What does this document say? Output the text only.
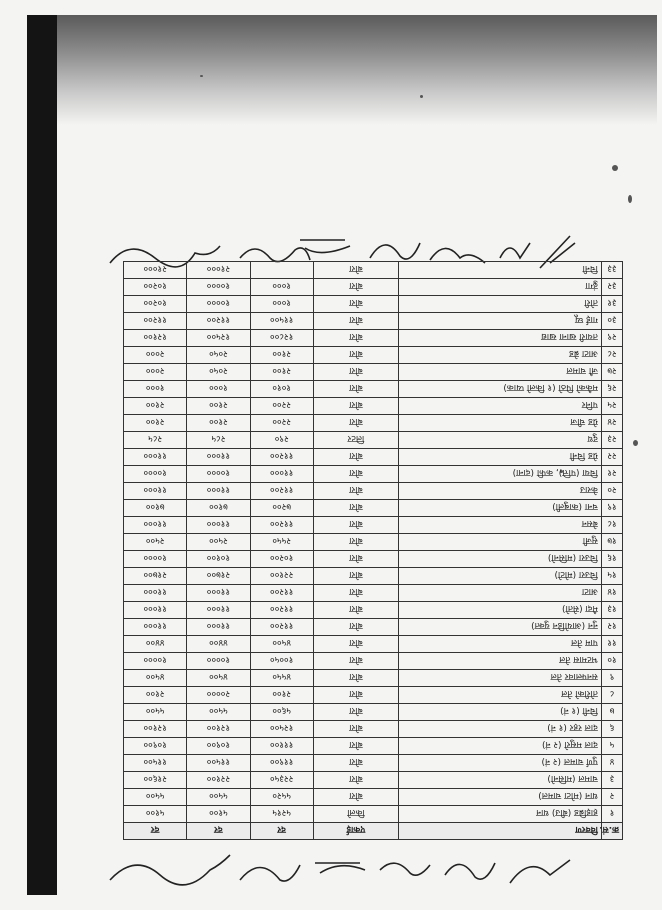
क्र.सं.	विवरण	एकाई	दर	दर	दर
१	हाइब्रिड (बीउ) धान	किलो	५२१५	५१००	५१००
२	धान (मोटा चामल)	बोरा	५५२०	५५००	५५००
३	चामल (मसिनो)	बोरा	२२३५०	२२१००	२१६००
४	पुर्ण चामल (२ नं)	बोरा	११९००	११५००	११५००
५	दाल मसुरो (२ नं)	बोरा	१११००	१०९००	१०९००
६	दाल रहर (१ नं)	बोरा	१२५००	१२१००	१२१००
७	चिनी (१ नं)	बोरा	५६००	५५००	५५००
८	तोरीको तेल	बोरा	२१००	२००००	२१००
९	सनफ्लावर तेल	बोरा	४५५०	४५००	४५००
१०	भटमास तेल	बोरा	१००५०	१००००	१००००
११	पाम तेल	बोरा	४५००	४४००	४४००
१२	नुन (आयोडिन युक्त)	बोरा	११२००	११०००	११०००
१३	मैदा (सेतो)	बोरा	११२००	११०००	११०००
१४	आटा	बोरा	११२००	११०००	११०००
१५	चिउरा (मोटो)	बोरा	२२१००	२१७००	२१७००
१६	चिउरा (मसिनो)	बोरा	१०२००	१०१००	१००००
१७	सुजी	बोरा	२५५०	२५००	२५००
१८	बेसन	बोरा	११२००	११०००	११०००
१९	चना (काबुली)	बोरा	७२००	७१००	७१००
२०	केराउ	बोरा	११२००	११०००	११०००
२१	चिया (पत्ति), कफी (दाना)	बोरा	११०००	१००००	१००००
२२	ग्रेड चिनी	बोरा	११२००	११०००	११०००
२३	दुध	लिटर	२९०	२८५	२८५
२४	ग्रेड चीज	बोरा	२२००	२१००	२१००
२५	पनिर	बोरा	२२००	२१००	२१००
२६	मकैको पिठो (१ किलो प्याक)	बोरा	१०१०	१०००	१०००
२७	जौ चामल	बोरा	२१००	२०५०	२०००
२८	आटा ब्रेड	बोरा	२१००	२०५०	२०००
२९	तयारी खाना खाद्य	बोरा	१२८००	१२५००	१२१००
३०	गाई घ्यू	बोरा	११५००	११२००	११२००
३१	तोरी	बोरा	१०००	१००००	१०२००
३२	ढुंगा	बोरा	१०००	१००००	१०२००
३३	चिनी	बोरा		२१०००	२१०००
